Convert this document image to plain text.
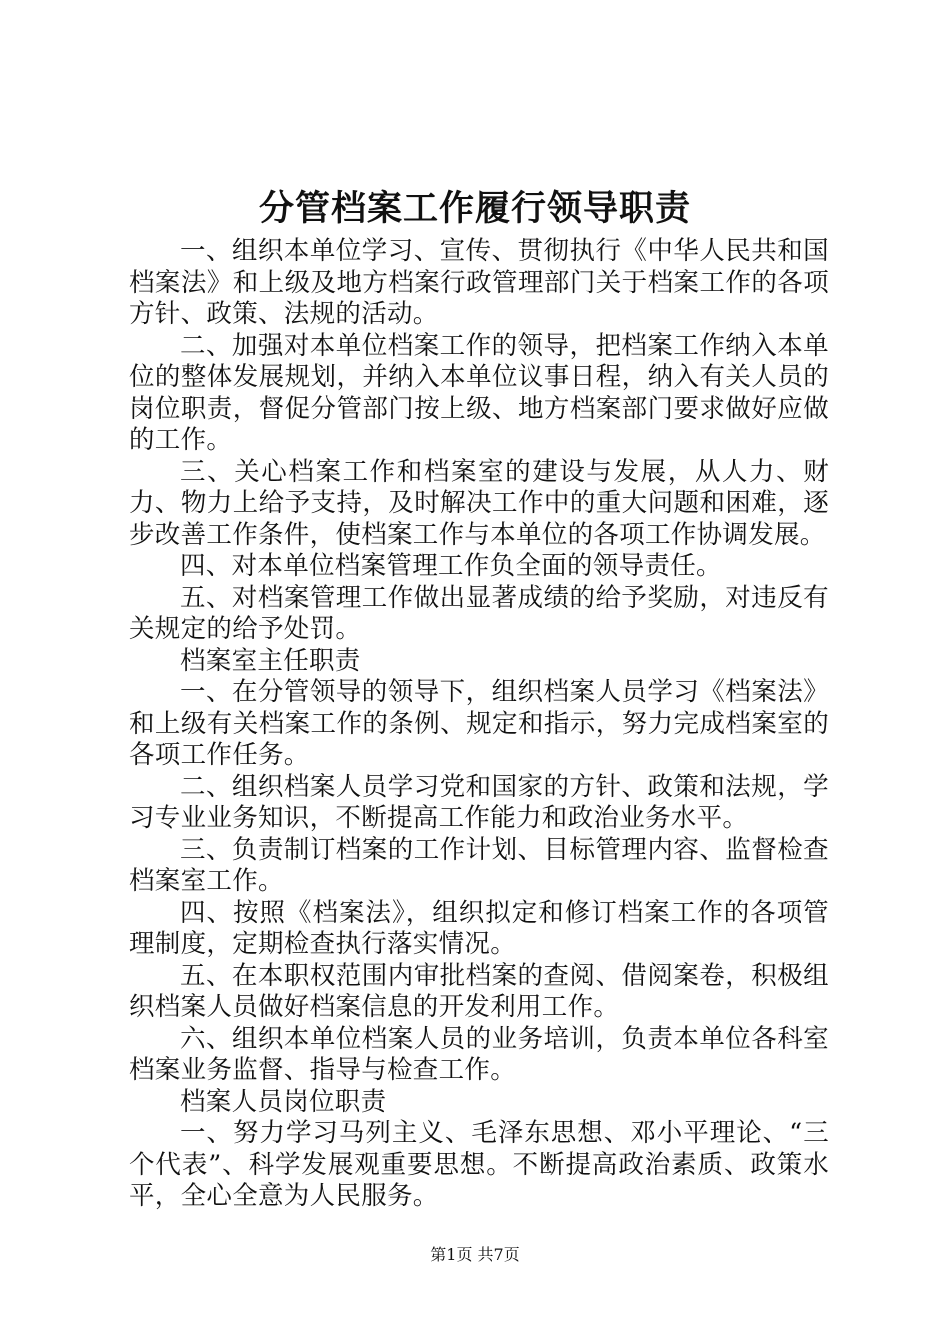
分管档案工作履行领导职责

一、组织本单位学习、宣传、贯彻执行《中华人民共和国档案法》和上级及地方档案行政管理部门关于档案工作的各项方针、政策、法规的活动。

二、加强对本单位档案工作的领导，把档案工作纳入本单位的整体发展规划，并纳入本单位议事日程，纳入有关人员的岗位职责，督促分管部门按上级、地方档案部门要求做好应做的工作。

三、关心档案工作和档案室的建设与发展，从人力、财力、物力上给予支持，及时解决工作中的重大问题和困难，逐步改善工作条件，使档案工作与本单位的各项工作协调发展。

四、对本单位档案管理工作负全面的领导责任。

五、对档案管理工作做出显著成绩的给予奖励，对违反有关规定的给予处罚。

档案室主任职责

一、在分管领导的领导下，组织档案人员学习《档案法》和上级有关档案工作的条例、规定和指示，努力完成档案室的各项工作任务。

二、组织档案人员学习党和国家的方针、政策和法规，学习专业业务知识，不断提高工作能力和政治业务水平。

三、负责制订档案的工作计划、目标管理内容、监督检查档案室工作。

四、按照《档案法》，组织拟定和修订档案工作的各项管理制度，定期检查执行落实情况。

五、在本职权范围内审批档案的查阅、借阅案卷，积极组织档案人员做好档案信息的开发利用工作。

六、组织本单位档案人员的业务培训，负责本单位各科室档案业务监督、指导与检查工作。

档案人员岗位职责

一、努力学习马列主义、毛泽东思想、邓小平理论、“三个代表”、科学发展观重要思想。不断提高政治素质、政策水平，全心全意为人民服务。

第1页 共7页
